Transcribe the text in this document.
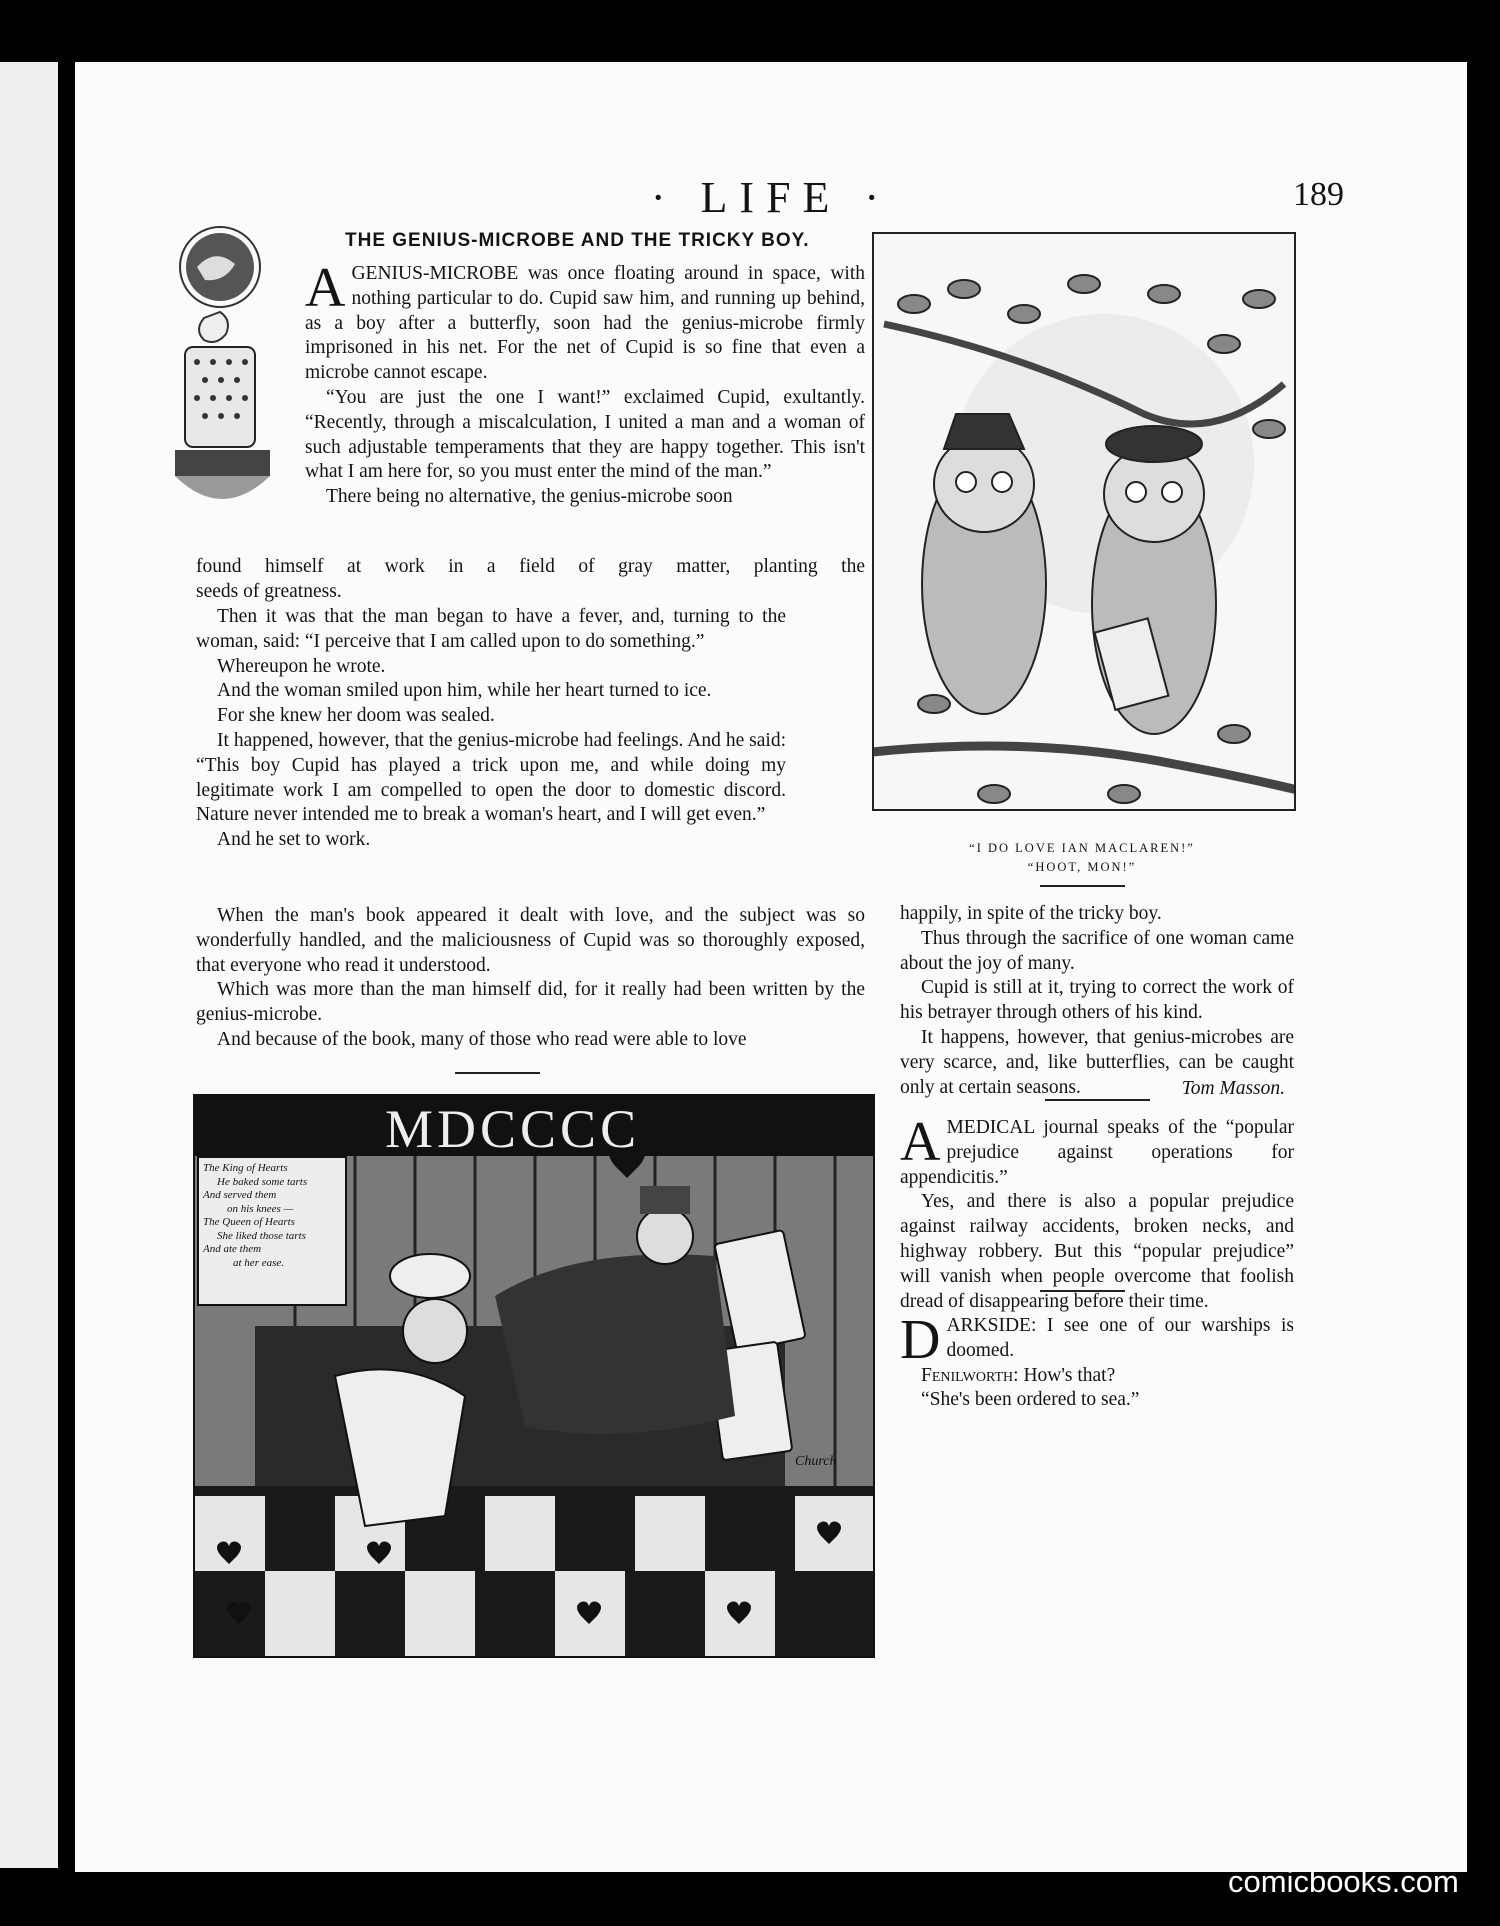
· LIFE ·	189
THE GENIUS-MICROBE AND THE TRICKY BOY.
A GENIUS-MICROBE was once floating around in space, with nothing particular to do. Cupid saw him, and running up behind, as a boy after a butterfly, soon had the genius-microbe firmly imprisoned in his net. For the net of Cupid is so fine that even a microbe cannot escape.

“You are just the one I want!” exclaimed Cupid, exultantly. “Recently, through a miscalculation, I united a man and a woman of such adjustable temperaments that they are happy together. This isn't what I am here for, so you must enter the mind of the man.”

There being no alternative, the genius-microbe soon

found himself at work in a field of gray matter, planting the

seeds of greatness.

Then it was that the man began to have a fever, and, turning to the woman, said: “I perceive that I am called upon to do something.”

Whereupon he wrote.

And the woman smiled upon him, while her heart turned to ice.

For she knew her doom was sealed.

It happened, however, that the genius-microbe had feelings. And he said: “This boy Cupid has played a trick upon me, and while doing my legitimate work I am compelled to open the door to domestic discord. Nature never intended me to break a woman's heart, and I will get even.”

And he set to work.

When the man's book appeared it dealt with love, and the subject was so wonderfully handled, and the maliciousness of Cupid was so thoroughly exposed, that everyone who read it understood.

Which was more than the man himself did, for it really had been written by the genius-microbe.

And because of the book, many of those who read were able to love

“I DO LOVE IAN MACLAREN!”
“HOOT, MON!”

happily, in spite of the tricky boy.

Thus through the sacrifice of one woman came about the joy of many.

Cupid is still at it, trying to correct the work of his betrayer through others of his kind.

It happens, however, that genius-microbes are very scarce, and, like butterflies, can be caught only at certain seasons.	Tom Masson.
A MEDICAL journal speaks of the “popular prejudice against operations for appendicitis.”

Yes, and there is also a popular prejudice against railway accidents, broken necks, and highway robbery. But this “popular prejudice” will vanish when people overcome that foolish dread of disappearing before their time.

D ARKSIDE: I see one of our warships is doomed.

Fenilworth: How's that?

“She's been ordered to sea.”

MDCCCC
The King of Hearts
He baked some tarts
And served them
on his knees —
The Queen of Hearts
She liked those tarts
And ate them
at her ease.
Church
comicbooks.com
